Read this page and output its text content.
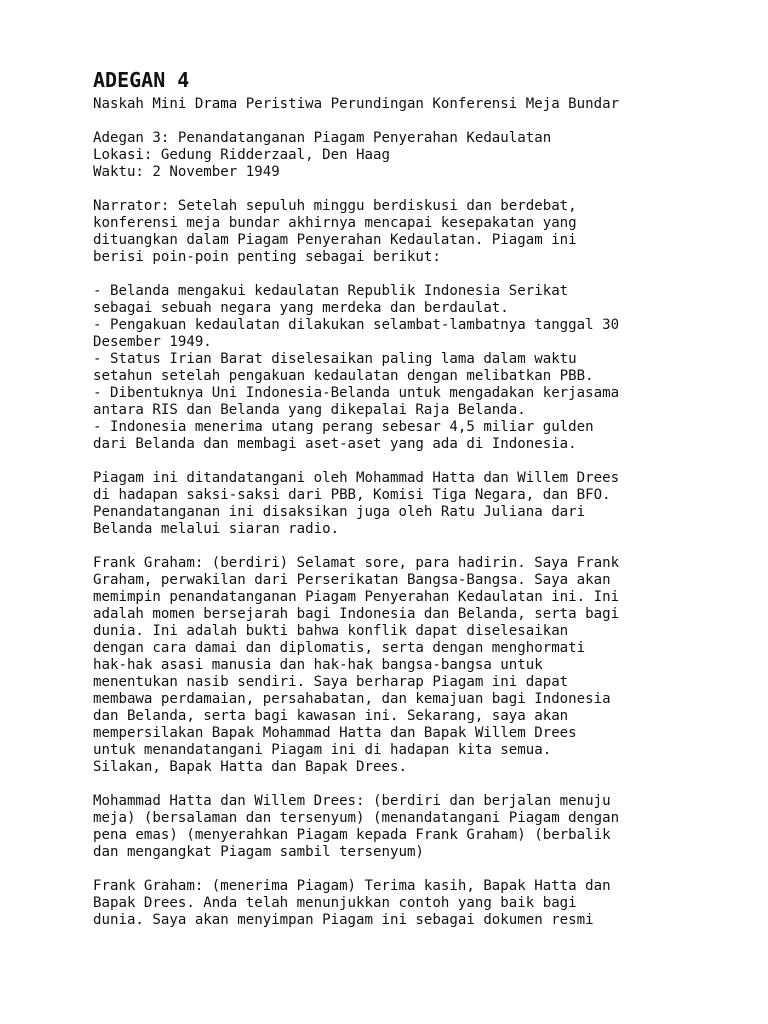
ADEGAN 4
Naskah Mini Drama Peristiwa Perundingan Konferensi Meja Bundar
Adegan 3: Penandatanganan Piagam Penyerahan Kedaulatan
Lokasi: Gedung Ridderzaal, Den Haag
Waktu: 2 November 1949
Narrator: Setelah sepuluh minggu berdiskusi dan berdebat,
konferensi meja bundar akhirnya mencapai kesepakatan yang
dituangkan dalam Piagam Penyerahan Kedaulatan. Piagam ini
berisi poin-poin penting sebagai berikut:
- Belanda mengakui kedaulatan Republik Indonesia Serikat
sebagai sebuah negara yang merdeka dan berdaulat.
- Pengakuan kedaulatan dilakukan selambat-lambatnya tanggal 30
Desember 1949.
- Status Irian Barat diselesaikan paling lama dalam waktu
setahun setelah pengakuan kedaulatan dengan melibatkan PBB.
- Dibentuknya Uni Indonesia-Belanda untuk mengadakan kerjasama
antara RIS dan Belanda yang dikepalai Raja Belanda.
- Indonesia menerima utang perang sebesar 4,5 miliar gulden
dari Belanda dan membagi aset-aset yang ada di Indonesia.
Piagam ini ditandatangani oleh Mohammad Hatta dan Willem Drees
di hadapan saksi-saksi dari PBB, Komisi Tiga Negara, dan BFO.
Penandatanganan ini disaksikan juga oleh Ratu Juliana dari
Belanda melalui siaran radio.
Frank Graham: (berdiri) Selamat sore, para hadirin. Saya Frank
Graham, perwakilan dari Perserikatan Bangsa-Bangsa. Saya akan
memimpin penandatanganan Piagam Penyerahan Kedaulatan ini. Ini
adalah momen bersejarah bagi Indonesia dan Belanda, serta bagi
dunia. Ini adalah bukti bahwa konflik dapat diselesaikan
dengan cara damai dan diplomatis, serta dengan menghormati
hak-hak asasi manusia dan hak-hak bangsa-bangsa untuk
menentukan nasib sendiri. Saya berharap Piagam ini dapat
membawa perdamaian, persahabatan, dan kemajuan bagi Indonesia
dan Belanda, serta bagi kawasan ini. Sekarang, saya akan
mempersilakan Bapak Mohammad Hatta dan Bapak Willem Drees
untuk menandatangani Piagam ini di hadapan kita semua.
Silakan, Bapak Hatta dan Bapak Drees.
Mohammad Hatta dan Willem Drees: (berdiri dan berjalan menuju
meja) (bersalaman dan tersenyum) (menandatangani Piagam dengan
pena emas) (menyerahkan Piagam kepada Frank Graham) (berbalik
dan mengangkat Piagam sambil tersenyum)
Frank Graham: (menerima Piagam) Terima kasih, Bapak Hatta dan
Bapak Drees. Anda telah menunjukkan contoh yang baik bagi
dunia. Saya akan menyimpan Piagam ini sebagai dokumen resmi
